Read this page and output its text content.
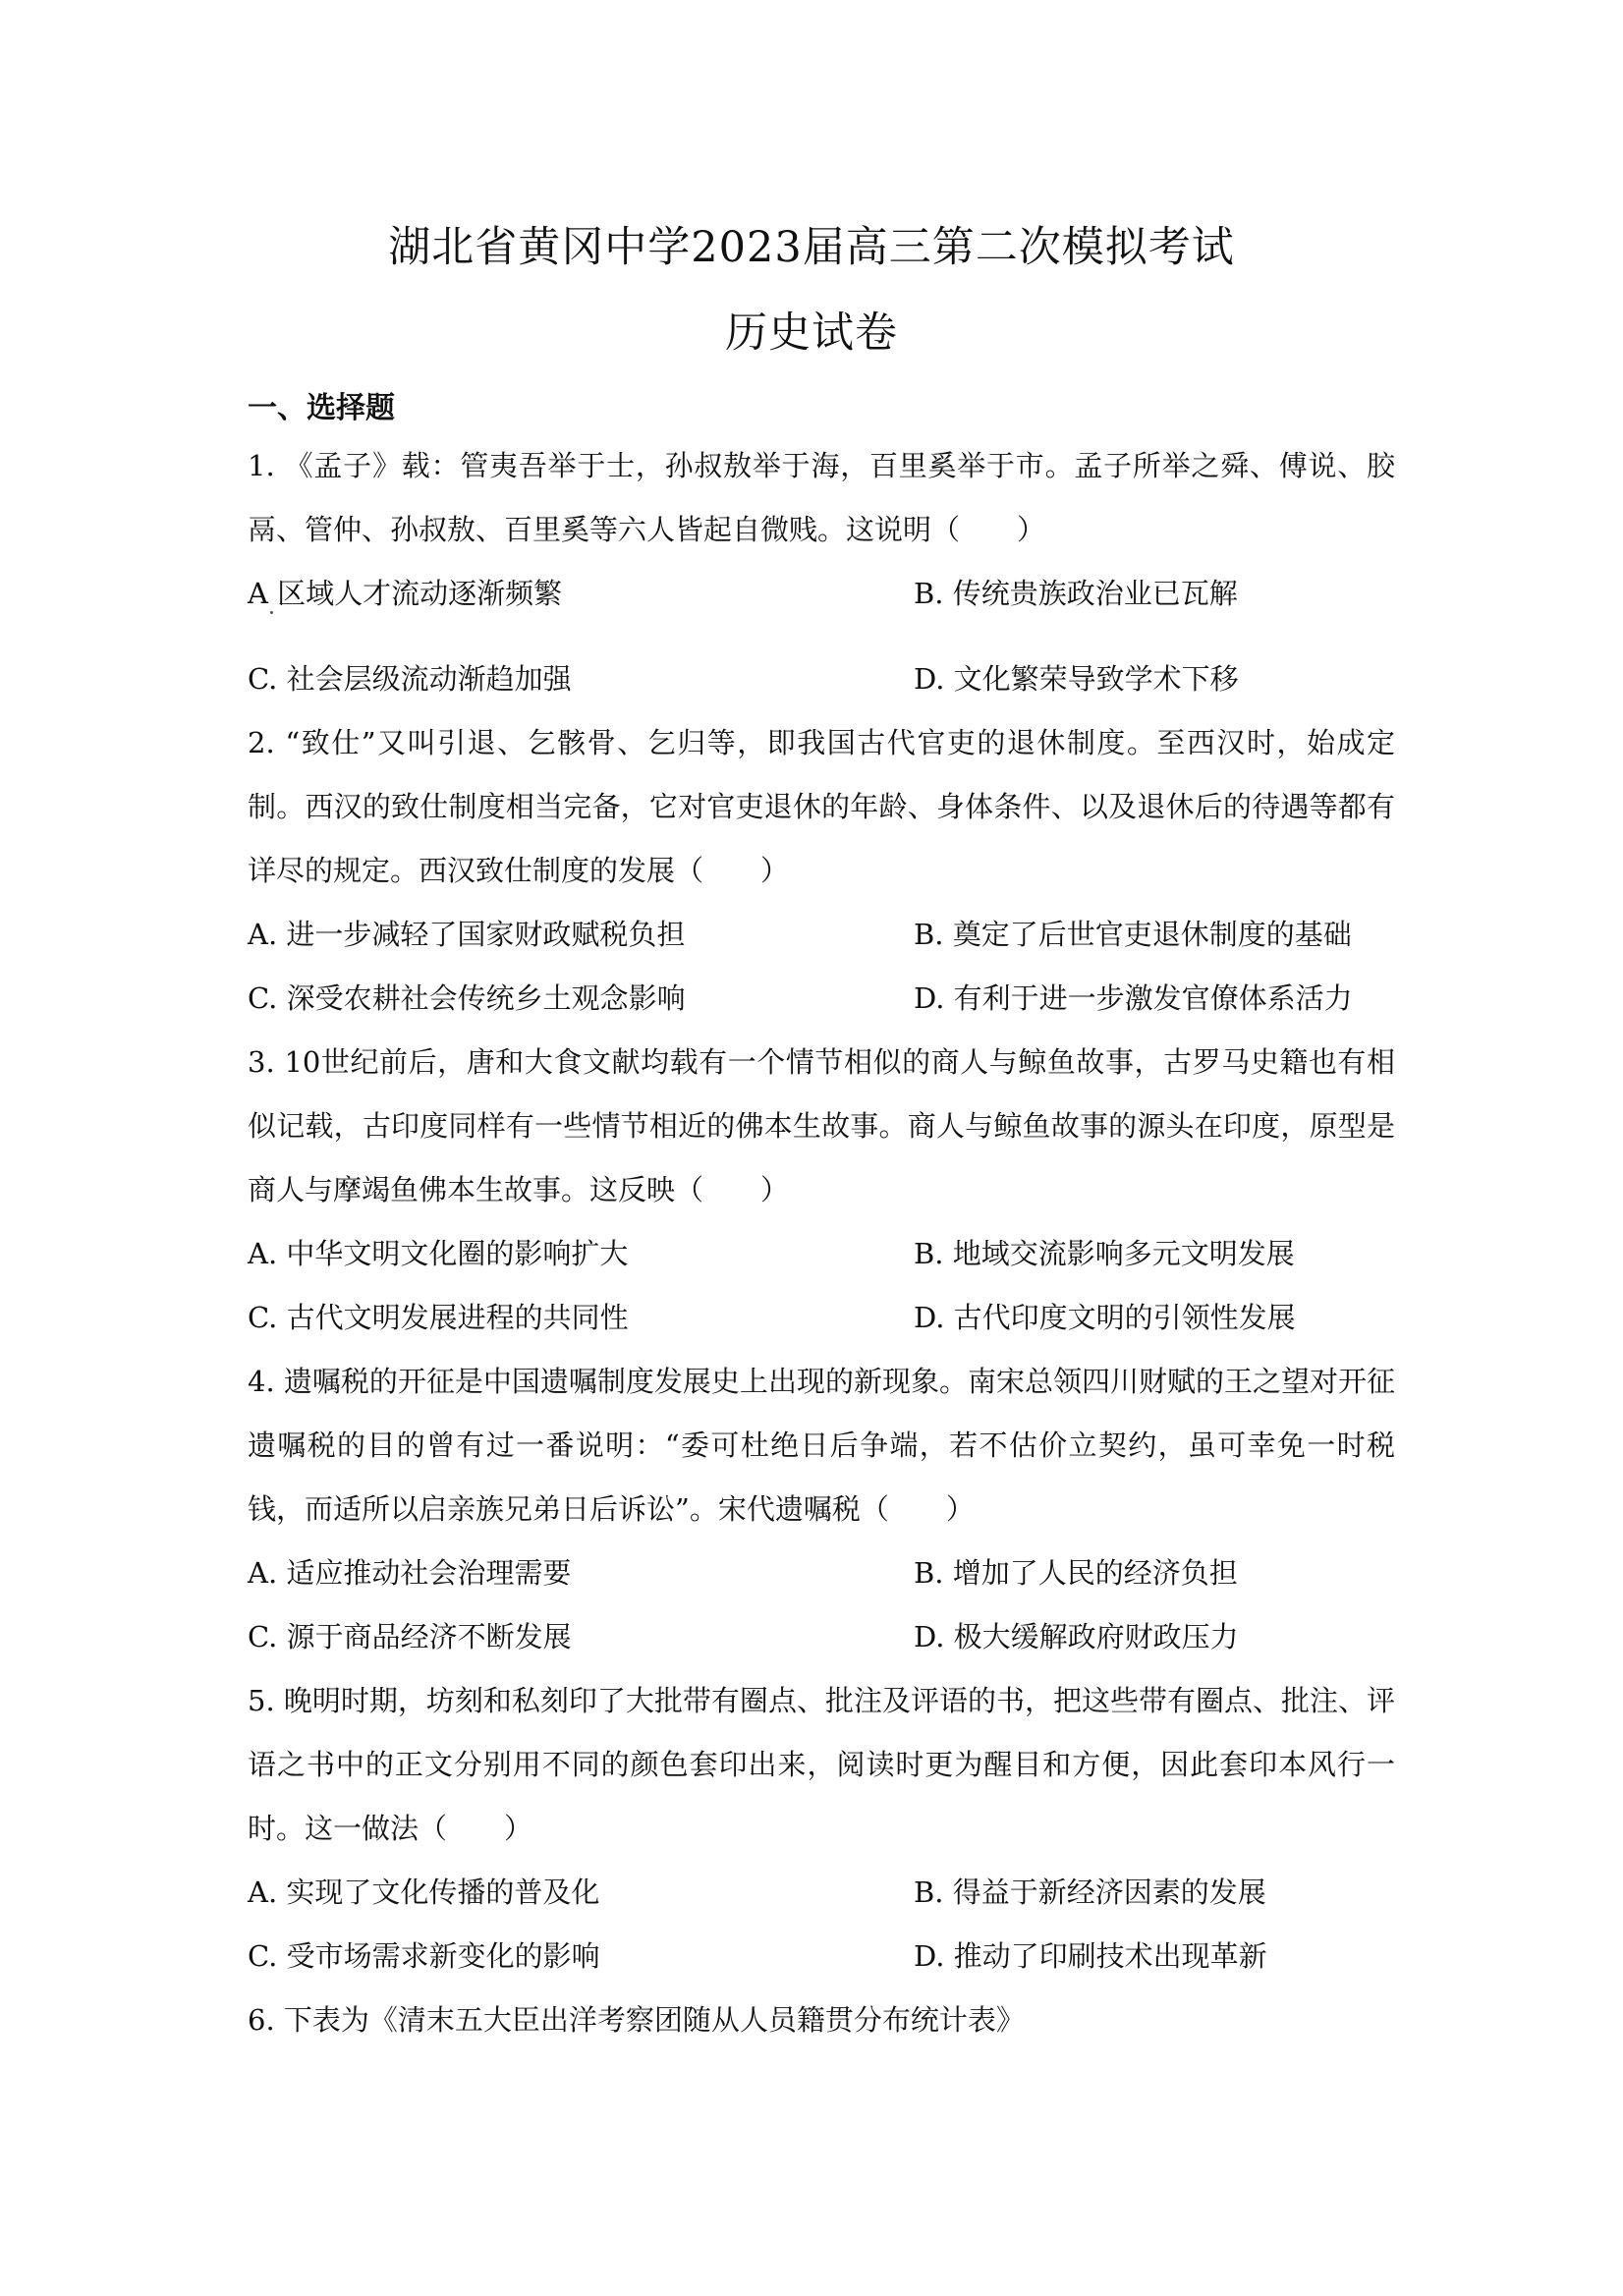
湖北省黄冈中学2023届高三第二次模拟考试
历史试卷
一、选择题
1. 《孟子》载：管夷吾举于士，孙叔敖举于海，百里奚举于市。孟子所举之舜、傅说、胶鬲、管仲、孙叔敖、百里奚等六人皆起自微贱。这说明（　　）
A 区域人才流动逐渐频繁	B. 传统贵族政治业已瓦解
C. 社会层级流动渐趋加强	D. 文化繁荣导致学术下移
2. “致仕”又叫引退、乞骸骨、乞归等，即我国古代官吏的退休制度。至西汉时，始成定制。西汉的致仕制度相当完备，它对官吏退休的年龄、身体条件、以及退休后的待遇等都有详尽的规定。西汉致仕制度的发展（　　）
A. 进一步减轻了国家财政赋税负担	B. 奠定了后世官吏退休制度的基础
C. 深受农耕社会传统乡土观念影响	D. 有利于进一步激发官僚体系活力
3. 10世纪前后，唐和大食文献均载有一个情节相似的商人与鲸鱼故事，古罗马史籍也有相似记载，古印度同样有一些情节相近的佛本生故事。商人与鲸鱼故事的源头在印度，原型是商人与摩竭鱼佛本生故事。这反映（　　）
A. 中华文明文化圈的影响扩大	B. 地域交流影响多元文明发展
C. 古代文明发展进程的共同性	D. 古代印度文明的引领性发展
4. 遗嘱税的开征是中国遗嘱制度发展史上出现的新现象。南宋总领四川财赋的王之望对开征遗嘱税的目的曾有过一番说明：“委可杜绝日后争端，若不估价立契约，虽可幸免一时税钱，而适所以启亲族兄弟日后诉讼”。宋代遗嘱税（　　）
A. 适应推动社会治理需要	B. 增加了人民的经济负担
C. 源于商品经济不断发展	D. 极大缓解政府财政压力
5. 晚明时期，坊刻和私刻印了大批带有圈点、批注及评语的书，把这些带有圈点、批注、评语之书中的正文分别用不同的颜色套印出来，阅读时更为醒目和方便，因此套印本风行一时。这一做法（　　）
A. 实现了文化传播的普及化	B. 得益于新经济因素的发展
C. 受市场需求新变化的影响	D. 推动了印刷技术出现革新
6. 下表为《清末五大臣出洋考察团随从人员籍贯分布统计表》
